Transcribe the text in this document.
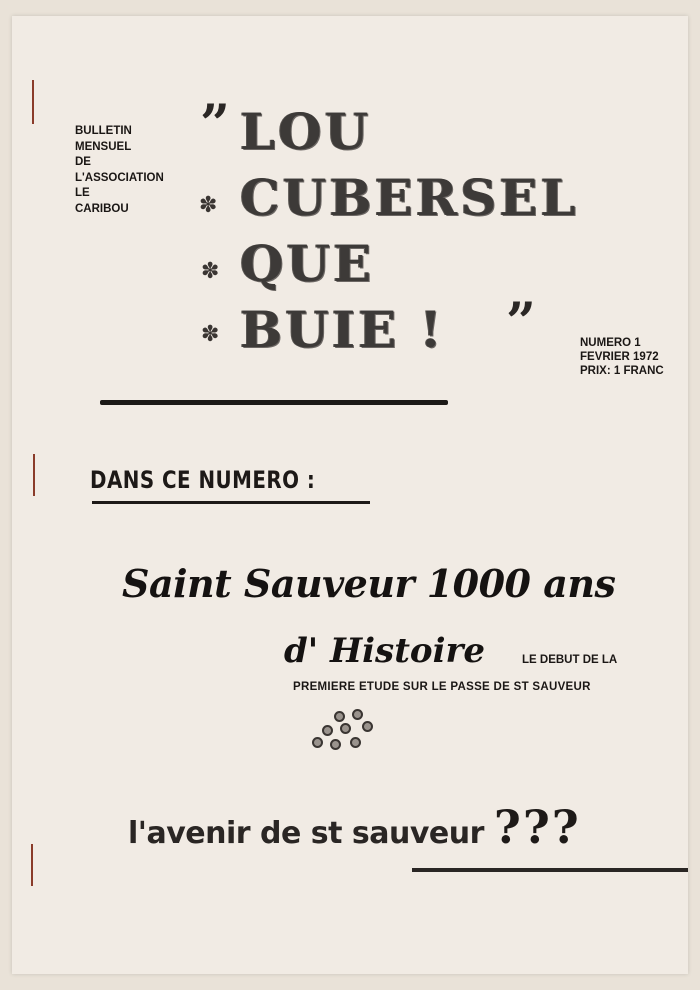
BULLETIN
MENSUEL
DE
L'ASSOCIATION
LE
CARIBOU
” LOU
✽ CUBERSEL
✽ QUE
✽ BUIE ! ”	NUMERO 1
FEVRIER 1972
PRIX: 1 FRANC
DANS CE NUMERO :
Saint Sauveur 1000 ans
d' Histoire	LE DEBUT DE LA
PREMIERE ETUDE SUR LE PASSE DE ST SAUVEUR
l'avenir de st sauveur ???
